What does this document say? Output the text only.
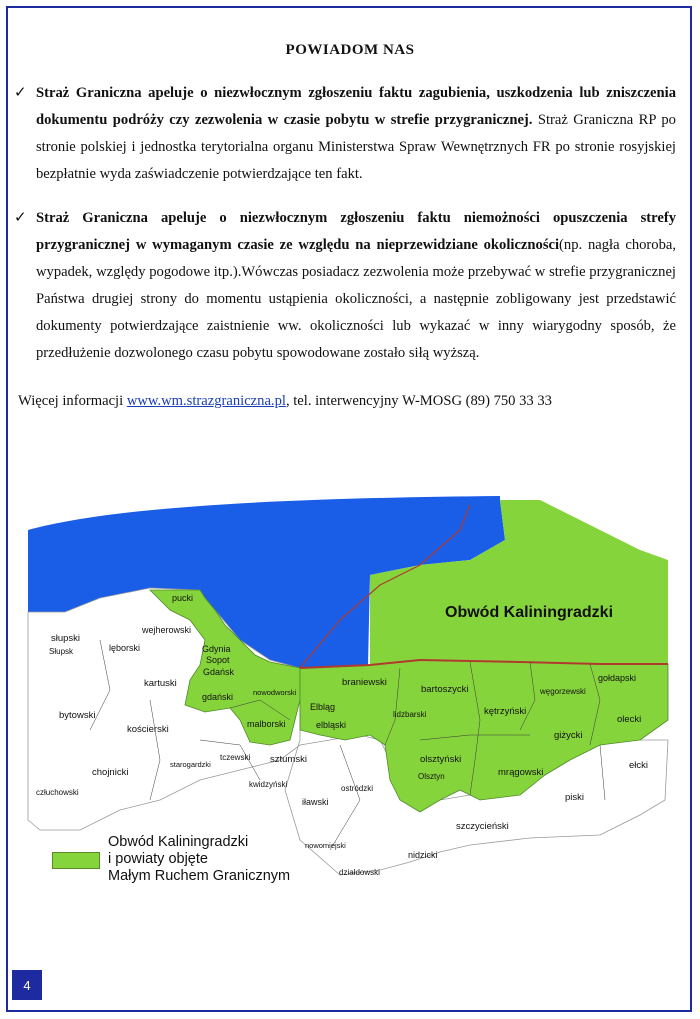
POWIADOM NAS
✓ Straż Graniczna apeluje o niezwłocznym zgłoszeniu faktu zagubienia, uszkodzenia lub zniszczenia dokumentu podróży czy zezwolenia w czasie pobytu w strefie przygranicznej. Straż Graniczna RP po stronie polskiej i jednostka terytorialna organu Ministerstwa Spraw Wewnętrznych FR po stronie rosyjskiej bezpłatnie wyda zaświadczenie potwierdzające ten fakt.
✓ Straż Graniczna apeluje o niezwłocznym zgłoszeniu faktu niemożności opuszczenia strefy przygranicznej w wymaganym czasie ze względu na nieprzewidziane okoliczności(np. nagła choroba, wypadek, względy pogodowe itp.).Wówczas posiadacz zezwolenia może przebywać w strefie przygranicznej Państwa drugiej strony do momentu ustąpienia okoliczności, a następnie zobligowany jest przedstawić dokumenty potwierdzające zaistnienie ww. okoliczności lub wykazać w inny wiarygodny sposób, że przedłużenie dozwolonego czasu pobytu spowodowane zostało siłą wyższą.
Więcej informacji www.wm.strazgraniczna.pl, tel. interwencyjny W-MOSG (89) 750 33 33
Obwód Kaliningradzki
pucki
Gdynia
Sopot
Gdańsk
gdański	nowodworski
malborski
Elbląg
elbląski
braniewski
bartoszycki	węgorzewski
gołdapski
lidzbarski	kętrzyński
olecki
giżycki
olsztyński
Olsztyn	mrągowski
ełcki
piski
szczycieński
nidzicki
działdowski
nowomiejski
ostródzki
iławski
sztumski
kwidzyński
tczewski
starogardzki
kościerski
kartuski
wejherowski
lęborski
słupski
Słupsk
bytowski
chojnicki
człuchowski
Obwód Kaliningradzki
i powiaty objęte
Małym Ruchem Granicznym
4
